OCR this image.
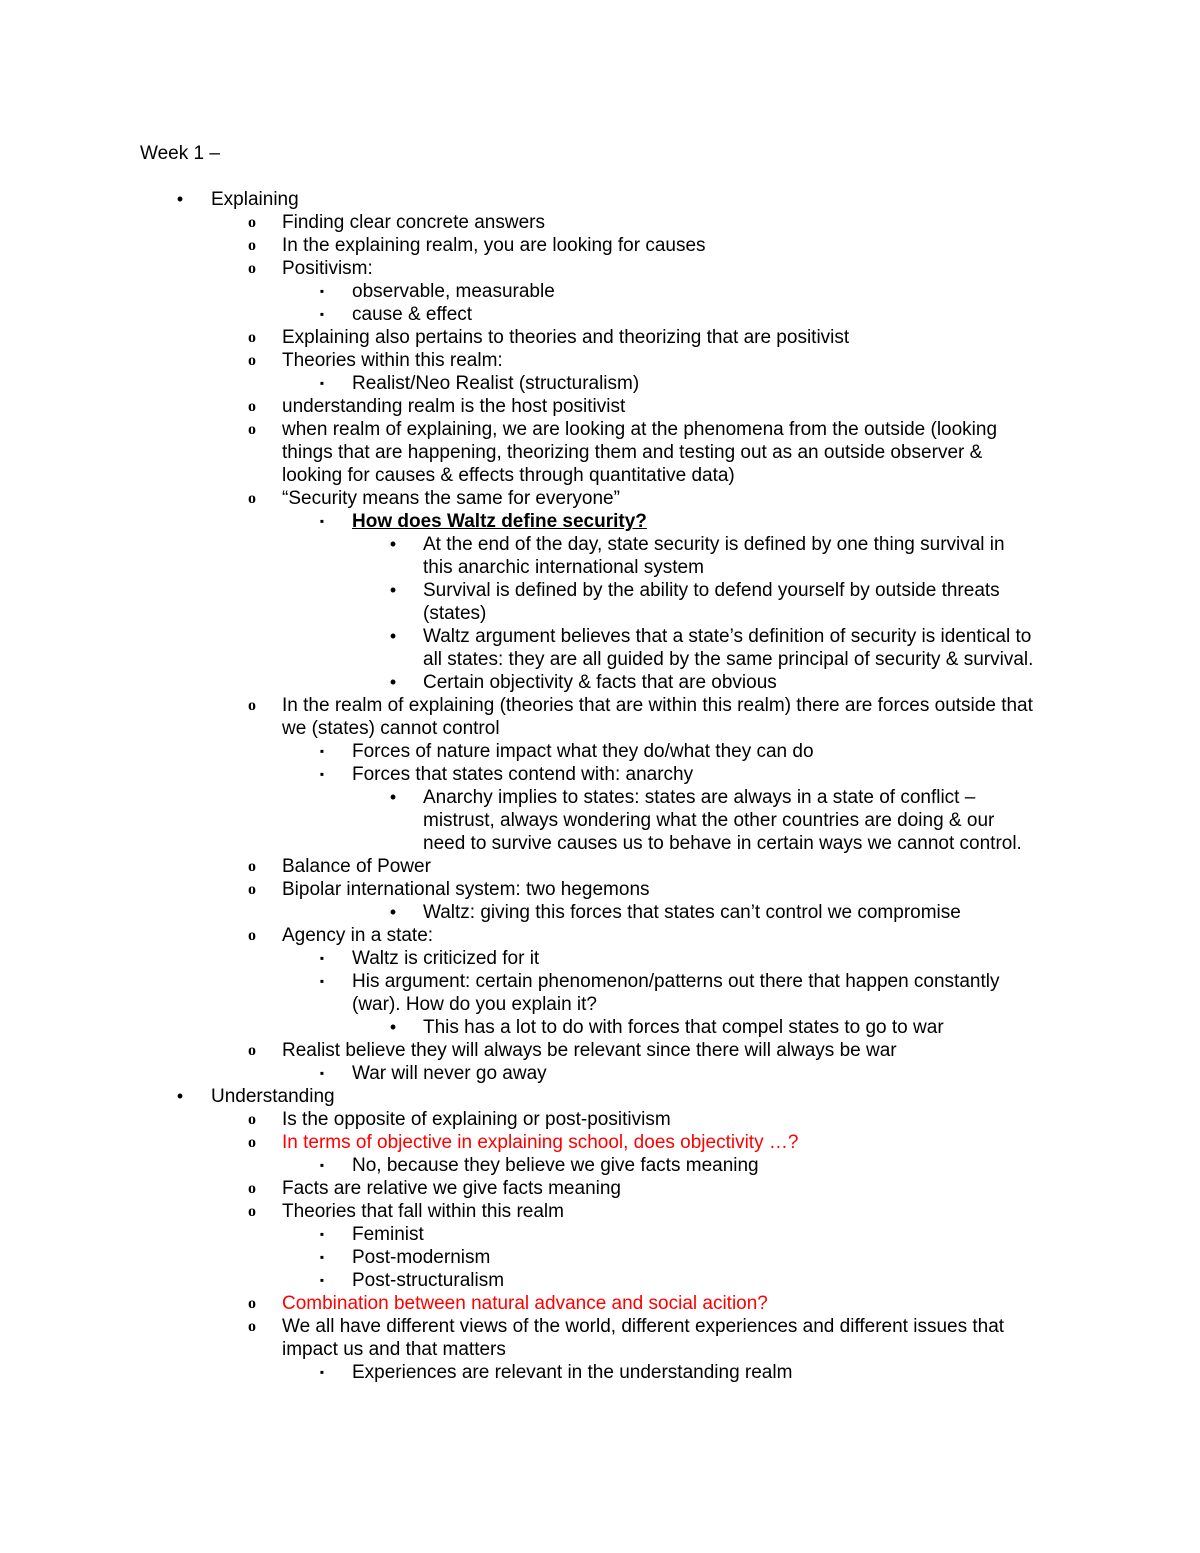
Week 1 –
• Explaining
o Finding clear concrete answers
o In the explaining realm, you are looking for causes
o Positivism:
▪	observable, measurable
▪	cause & effect
o Explaining also pertains to theories and theorizing that are positivist
o Theories within this realm:
▪	Realist/Neo Realist (structuralism)
o understanding realm is the host positivist
o when realm of explaining, we are looking at the phenomena from the outside (looking
things that are happening, theorizing them and testing out as an outside observer &
looking for causes & effects through quantitative data)
o “Security means the same for everyone”
▪	How does Waltz define security?
• At the end of the day, state security is defined by one thing survival in
this anarchic international system
• Survival is defined by the ability to defend yourself by outside threats
(states)
• Waltz argument believes that a state’s definition of security is identical to
all states: they are all guided by the same principal of security & survival.
• Certain objectivity & facts that are obvious
o In the realm of explaining (theories that are within this realm) there are forces outside that
we (states) cannot control
▪	Forces of nature impact what they do/what they can do
▪	Forces that states contend with: anarchy
• Anarchy implies to states: states are always in a state of conflict –
mistrust, always wondering what the other countries are doing & our
need to survive causes us to behave in certain ways we cannot control.
o Balance of Power
o Bipolar international system: two hegemons
• Waltz: giving this forces that states can’t control we compromise
o Agency in a state:
▪	Waltz is criticized for it
▪	His argument: certain phenomenon/patterns out there that happen constantly
(war). How do you explain it?
• This has a lot to do with forces that compel states to go to war
o Realist believe they will always be relevant since there will always be war
▪	War will never go away
• Understanding
o Is the opposite of explaining or post-positivism
o In terms of objective in explaining school, does objectivity …?
▪	No, because they believe we give facts meaning
o Facts are relative we give facts meaning
o Theories that fall within this realm
▪	Feminist
▪	Post-modernism
▪	Post-structuralism
o Combination between natural advance and social acition?
o We all have different views of the world, different experiences and different issues that
impact us and that matters
▪	Experiences are relevant in the understanding realm
